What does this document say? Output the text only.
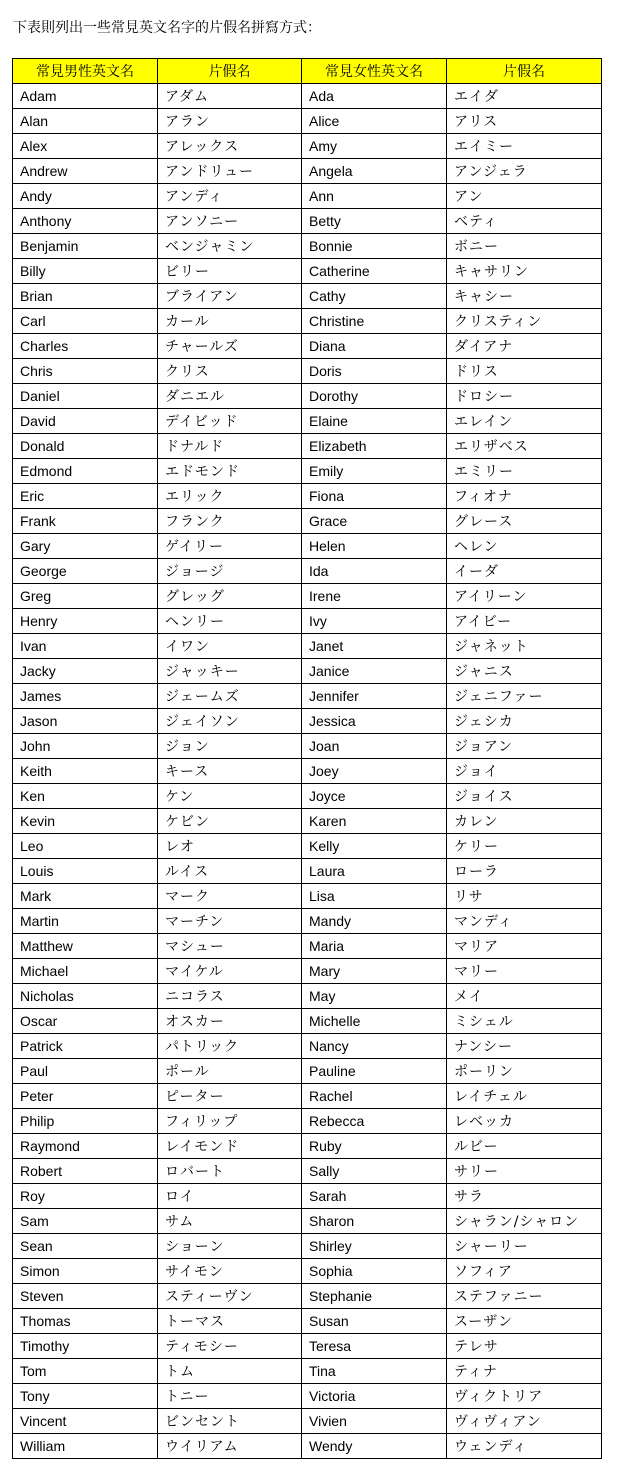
下表則列出一些常見英文名字的片假名拼寫方式：
常見男性英文名	片假名	常見女性英文名	片假名
Adam	アダム	Ada	エイダ
Alan	アラン	Alice	アリス
Alex	アレックス	Amy	エイミー
Andrew	アンドリュー	Angela	アンジェラ
Andy	アンディ	Ann	アン
Anthony	アンソニー	Betty	ベティ
Benjamin	ベンジャミン	Bonnie	ボニー
Billy	ビリー	Catherine	キャサリン
Brian	ブライアン	Cathy	キャシー
Carl	カール	Christine	クリスティン
Charles	チャールズ	Diana	ダイアナ
Chris	クリス	Doris	ドリス
Daniel	ダニエル	Dorothy	ドロシー
David	デイビッド	Elaine	エレイン
Donald	ドナルド	Elizabeth	エリザベス
Edmond	エドモンド	Emily	エミリー
Eric	エリック	Fiona	フィオナ
Frank	フランク	Grace	グレース
Gary	ゲイリー	Helen	ヘレン
George	ジョージ	Ida	イーダ
Greg	グレッグ	Irene	アイリーン
Henry	ヘンリー	Ivy	アイビー
Ivan	イワン	Janet	ジャネット
Jacky	ジャッキー	Janice	ジャニス
James	ジェームズ	Jennifer	ジェニファー
Jason	ジェイソン	Jessica	ジェシカ
John	ジョン	Joan	ジョアン
Keith	キース	Joey	ジョイ
Ken	ケン	Joyce	ジョイス
Kevin	ケビン	Karen	カレン
Leo	レオ	Kelly	ケリー
Louis	ルイス	Laura	ローラ
Mark	マーク	Lisa	リサ
Martin	マーチン	Mandy	マンディ
Matthew	マシュー	Maria	マリア
Michael	マイケル	Mary	マリー
Nicholas	ニコラス	May	メイ
Oscar	オスカー	Michelle	ミシェル
Patrick	パトリック	Nancy	ナンシー
Paul	ポール	Pauline	ポーリン
Peter	ピーター	Rachel	レイチェル
Philip	フィリップ	Rebecca	レベッカ
Raymond	レイモンド	Ruby	ルビー
Robert	ロバート	Sally	サリー
Roy	ロイ	Sarah	サラ
Sam	サム	Sharon	シャラン/シャロン
Sean	ショーン	Shirley	シャーリー
Simon	サイモン	Sophia	ソフィア
Steven	スティーヴン	Stephanie	ステファニー
Thomas	トーマス	Susan	スーザン
Timothy	ティモシー	Teresa	テレサ
Tom	トム	Tina	ティナ
Tony	トニー	Victoria	ヴィクトリア
Vincent	ビンセント	Vivien	ヴィヴィアン
William	ウイリアム	Wendy	ウェンディ
